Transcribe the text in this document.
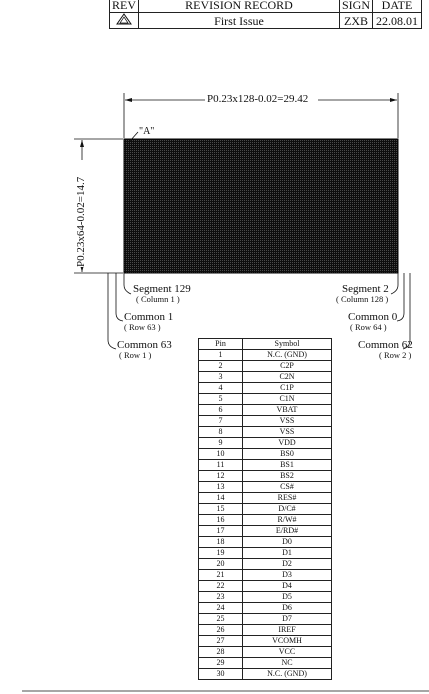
REV	REVISION RECORD	SIGN	DATE
	First Issue	ZXB	22.08.01
P0.23x128-0.02=29.42
P0.23x64-0.02=14.7
"A"
Segment 129
( Column 1 )
Common 1
( Row 63 )
Common 63
( Row 1 )
Segment 2
( Column 128 )
Common 0
( Row 64 )
Common 62
( Row 2 )
Pin	Symbol
1	N.C. (GND)
2	C2P
3	C2N
4	C1P
5	C1N
6	VBAT
7	VSS
8	VSS
9	VDD
10	BS0
11	BS1
12	BS2
13	CS#
14	RES#
15	D/C#
16	R/W#
17	E/RD#
18	D0
19	D1
20	D2
21	D3
22	D4
23	D5
24	D6
25	D7
26	IREF
27	VCOMH
28	VCC
29	NC
30	N.C. (GND)
